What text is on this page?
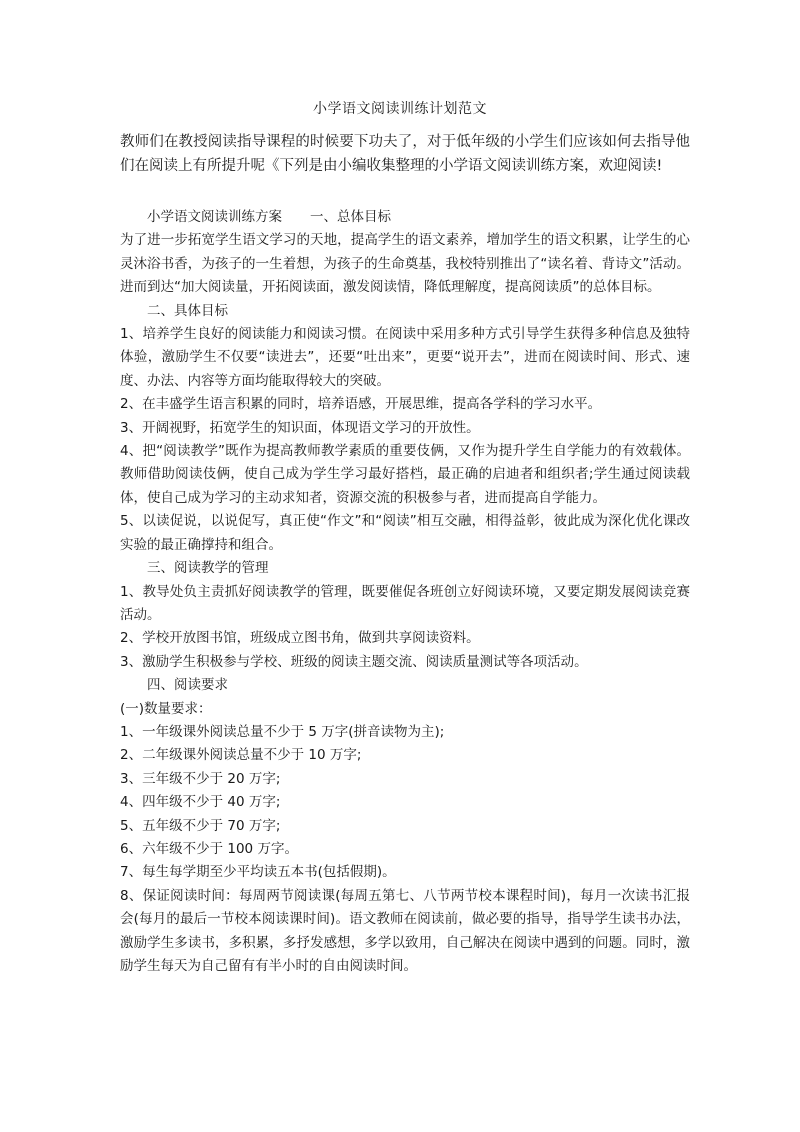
小学语文阅读训练计划范文

教师们在教授阅读指导课程的时候要下功夫了，对于低年级的小学生们应该如何去指导他们在阅读上有所提升呢《下列是由小编收集整理的小学语文阅读训练方案，欢迎阅读!

小学语文阅读训练方案 一、总体目标

为了进一步拓宽学生语文学习的天地，提高学生的语文素养，增加学生的语文积累，让学生的心灵沐浴书香，为孩子的一生着想，为孩子的生命奠基，我校特别推出了“读名着、背诗文”活动。进而到达“加大阅读量，开拓阅读面，激发阅读情，降低理解度，提高阅读质”的总体目标。

二、具体目标

1、培养学生良好的阅读能力和阅读习惯。在阅读中采用多种方式引导学生获得多种信息及独特体验，激励学生不仅要“读进去”，还要“吐出来”，更要“说开去”，进而在阅读时间、形式、速度、办法、内容等方面均能取得较大的突破。

2、在丰盛学生语言积累的同时，培养语感，开展思维，提高各学科的学习水平。

3、开阔视野，拓宽学生的知识面，体现语文学习的开放性。

4、把“阅读教学”既作为提高教师教学素质的重要伎俩，又作为提升学生自学能力的有效载体。教师借助阅读伎俩，使自己成为学生学习最好搭档，最正确的启迪者和组织者;学生通过阅读载体，使自己成为学习的主动求知者，资源交流的积极参与者，进而提高自学能力。

5、以读促说，以说促写，真正使“作文”和“阅读”相互交融，相得益彰，彼此成为深化优化课改实验的最正确撑持和组合。

三、阅读教学的管理

1、教导处负主责抓好阅读教学的管理，既要催促各班创立好阅读环境，又要定期发展阅读竞赛活动。

2、学校开放图书馆，班级成立图书角，做到共享阅读资料。

3、激励学生积极参与学校、班级的阅读主题交流、阅读质量测试等各项活动。

四、阅读要求

(一)数量要求：

1、一年级课外阅读总量不少于 5 万字(拼音读物为主);

2、二年级课外阅读总量不少于 10 万字;

3、三年级不少于 20 万字;

4、四年级不少于 40 万字;

5、五年级不少于 70 万字;

6、六年级不少于 100 万字。

7、每生每学期至少平均读五本书(包括假期)。

8、保证阅读时间：每周两节阅读课(每周五第七、八节两节校本课程时间)，每月一次读书汇报会(每月的最后一节校本阅读课时间)。语文教师在阅读前，做必要的指导，指导学生读书办法，激励学生多读书，多积累，多抒发感想，多学以致用，自己解决在阅读中遇到的问题。同时，激励学生每天为自己留有有半小时的自由阅读时间。
